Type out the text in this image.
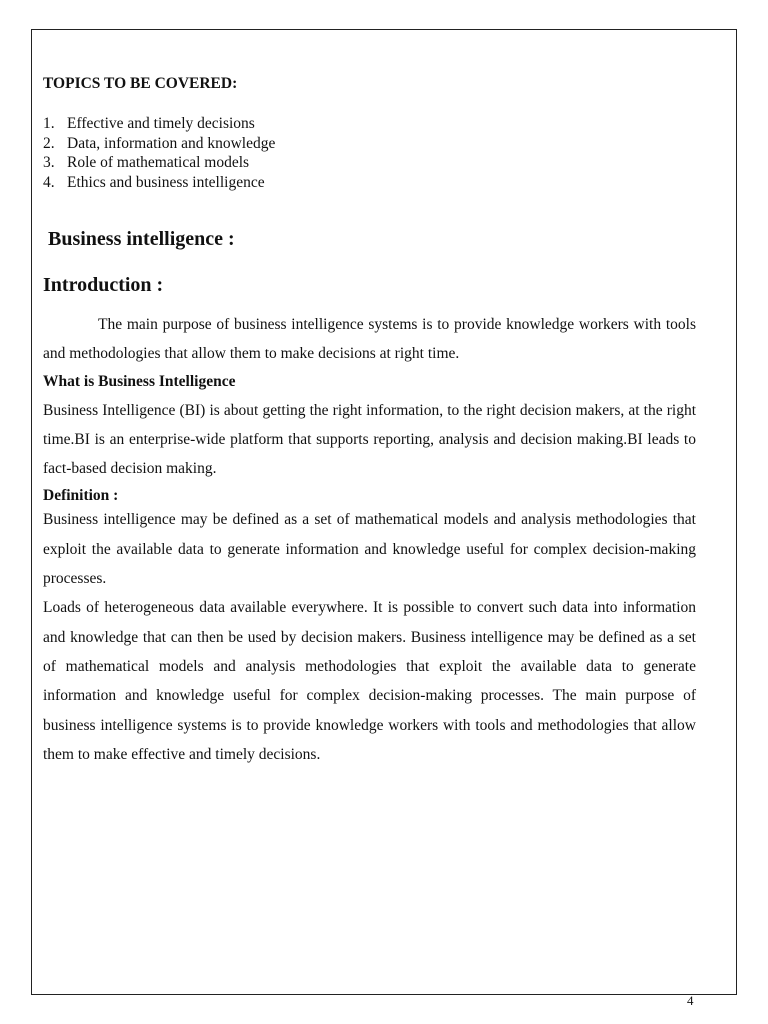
TOPICS TO BE COVERED:
1. Effective and timely decisions
2. Data, information and knowledge
3. Role of mathematical models
4. Ethics and business intelligence
Business intelligence :
Introduction :

The main purpose of business intelligence systems is to provide knowledge workers with tools and methodologies that allow them to make decisions at right time.

What is Business Intelligence

Business Intelligence (BI) is about getting the right information, to the right decision makers, at the right time.BI is an enterprise-wide platform that supports reporting, analysis and decision making.BI leads to fact-based decision making.

Definition :

Business intelligence may be defined as a set of mathematical models and analysis methodologies that exploit the available data to generate information and knowledge useful for complex decision-making processes.

Loads of heterogeneous data available everywhere. It is possible to convert such data into information and knowledge that can then be used by decision makers. Business intelligence may be defined as a set of mathematical models and analysis methodologies that exploit the available data to generate information and knowledge useful for complex decision-making processes. The main purpose of business intelligence systems is to provide knowledge workers with tools and methodologies that allow them to make effective and timely decisions.

4
